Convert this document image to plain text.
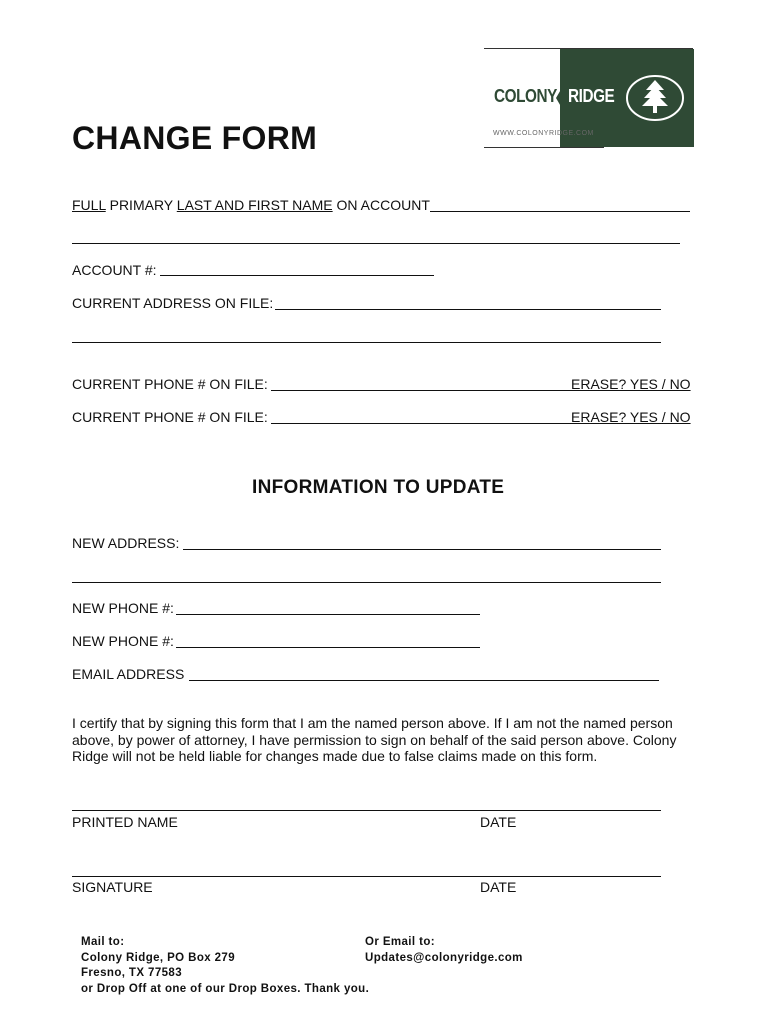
COLONY RIDGE
WWW.COLONYRIDGE.COM
CHANGE FORM
FULL PRIMARY LAST AND FIRST NAME ON ACCOUNT
ACCOUNT #:
CURRENT ADDRESS ON FILE:
CURRENT PHONE # ON FILE:	ERASE? YES / NO
CURRENT PHONE # ON FILE:	ERASE? YES / NO
INFORMATION TO UPDATE
NEW ADDRESS:
NEW PHONE #:
NEW PHONE #:
EMAIL ADDRESS
I certify that by signing this form that I am the named person above. If I am not the named person above, by power of attorney, I have permission to sign on behalf of the said person above. Colony Ridge will not be held liable for changes made due to false claims made on this form.
PRINTED NAME	DATE
SIGNATURE	DATE
Mail to:
Colony Ridge, PO Box 279
Fresno, TX 77583
or Drop Off at one of our Drop Boxes. Thank you.
Or Email to:
Updates@colonyridge.com
